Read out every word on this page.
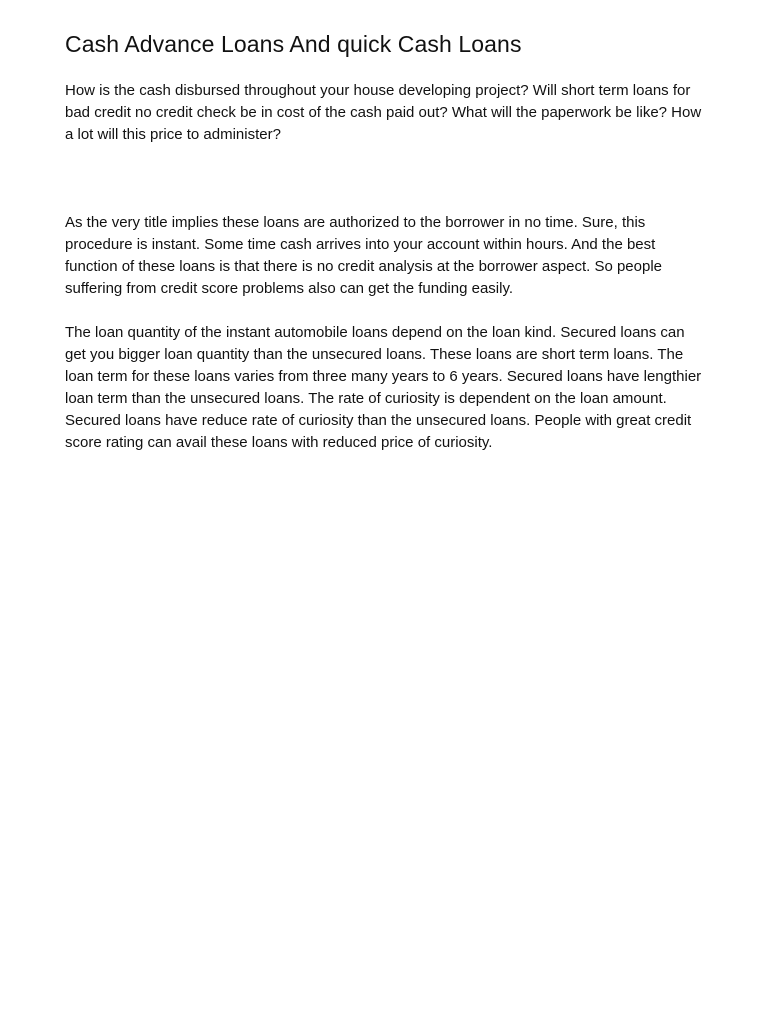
Cash Advance Loans And quick Cash Loans

How is the cash disbursed throughout your house developing project? Will short term loans for bad credit no credit check be in cost of the cash paid out? What will the paperwork be like? How a lot will this price to administer?

As the very title implies these loans are authorized to the borrower in no time. Sure, this procedure is instant. Some time cash arrives into your account within hours. And the best function of these loans is that there is no credit analysis at the borrower aspect. So people suffering from credit score problems also can get the funding easily.

The loan quantity of the instant automobile loans depend on the loan kind. Secured loans can get you bigger loan quantity than the unsecured loans. These loans are short term loans. The loan term for these loans varies from three many years to 6 years. Secured loans have lengthier loan term than the unsecured loans. The rate of curiosity is dependent on the loan amount. Secured loans have reduce rate of curiosity than the unsecured loans. People with great credit score rating can avail these loans with reduced price of curiosity.
